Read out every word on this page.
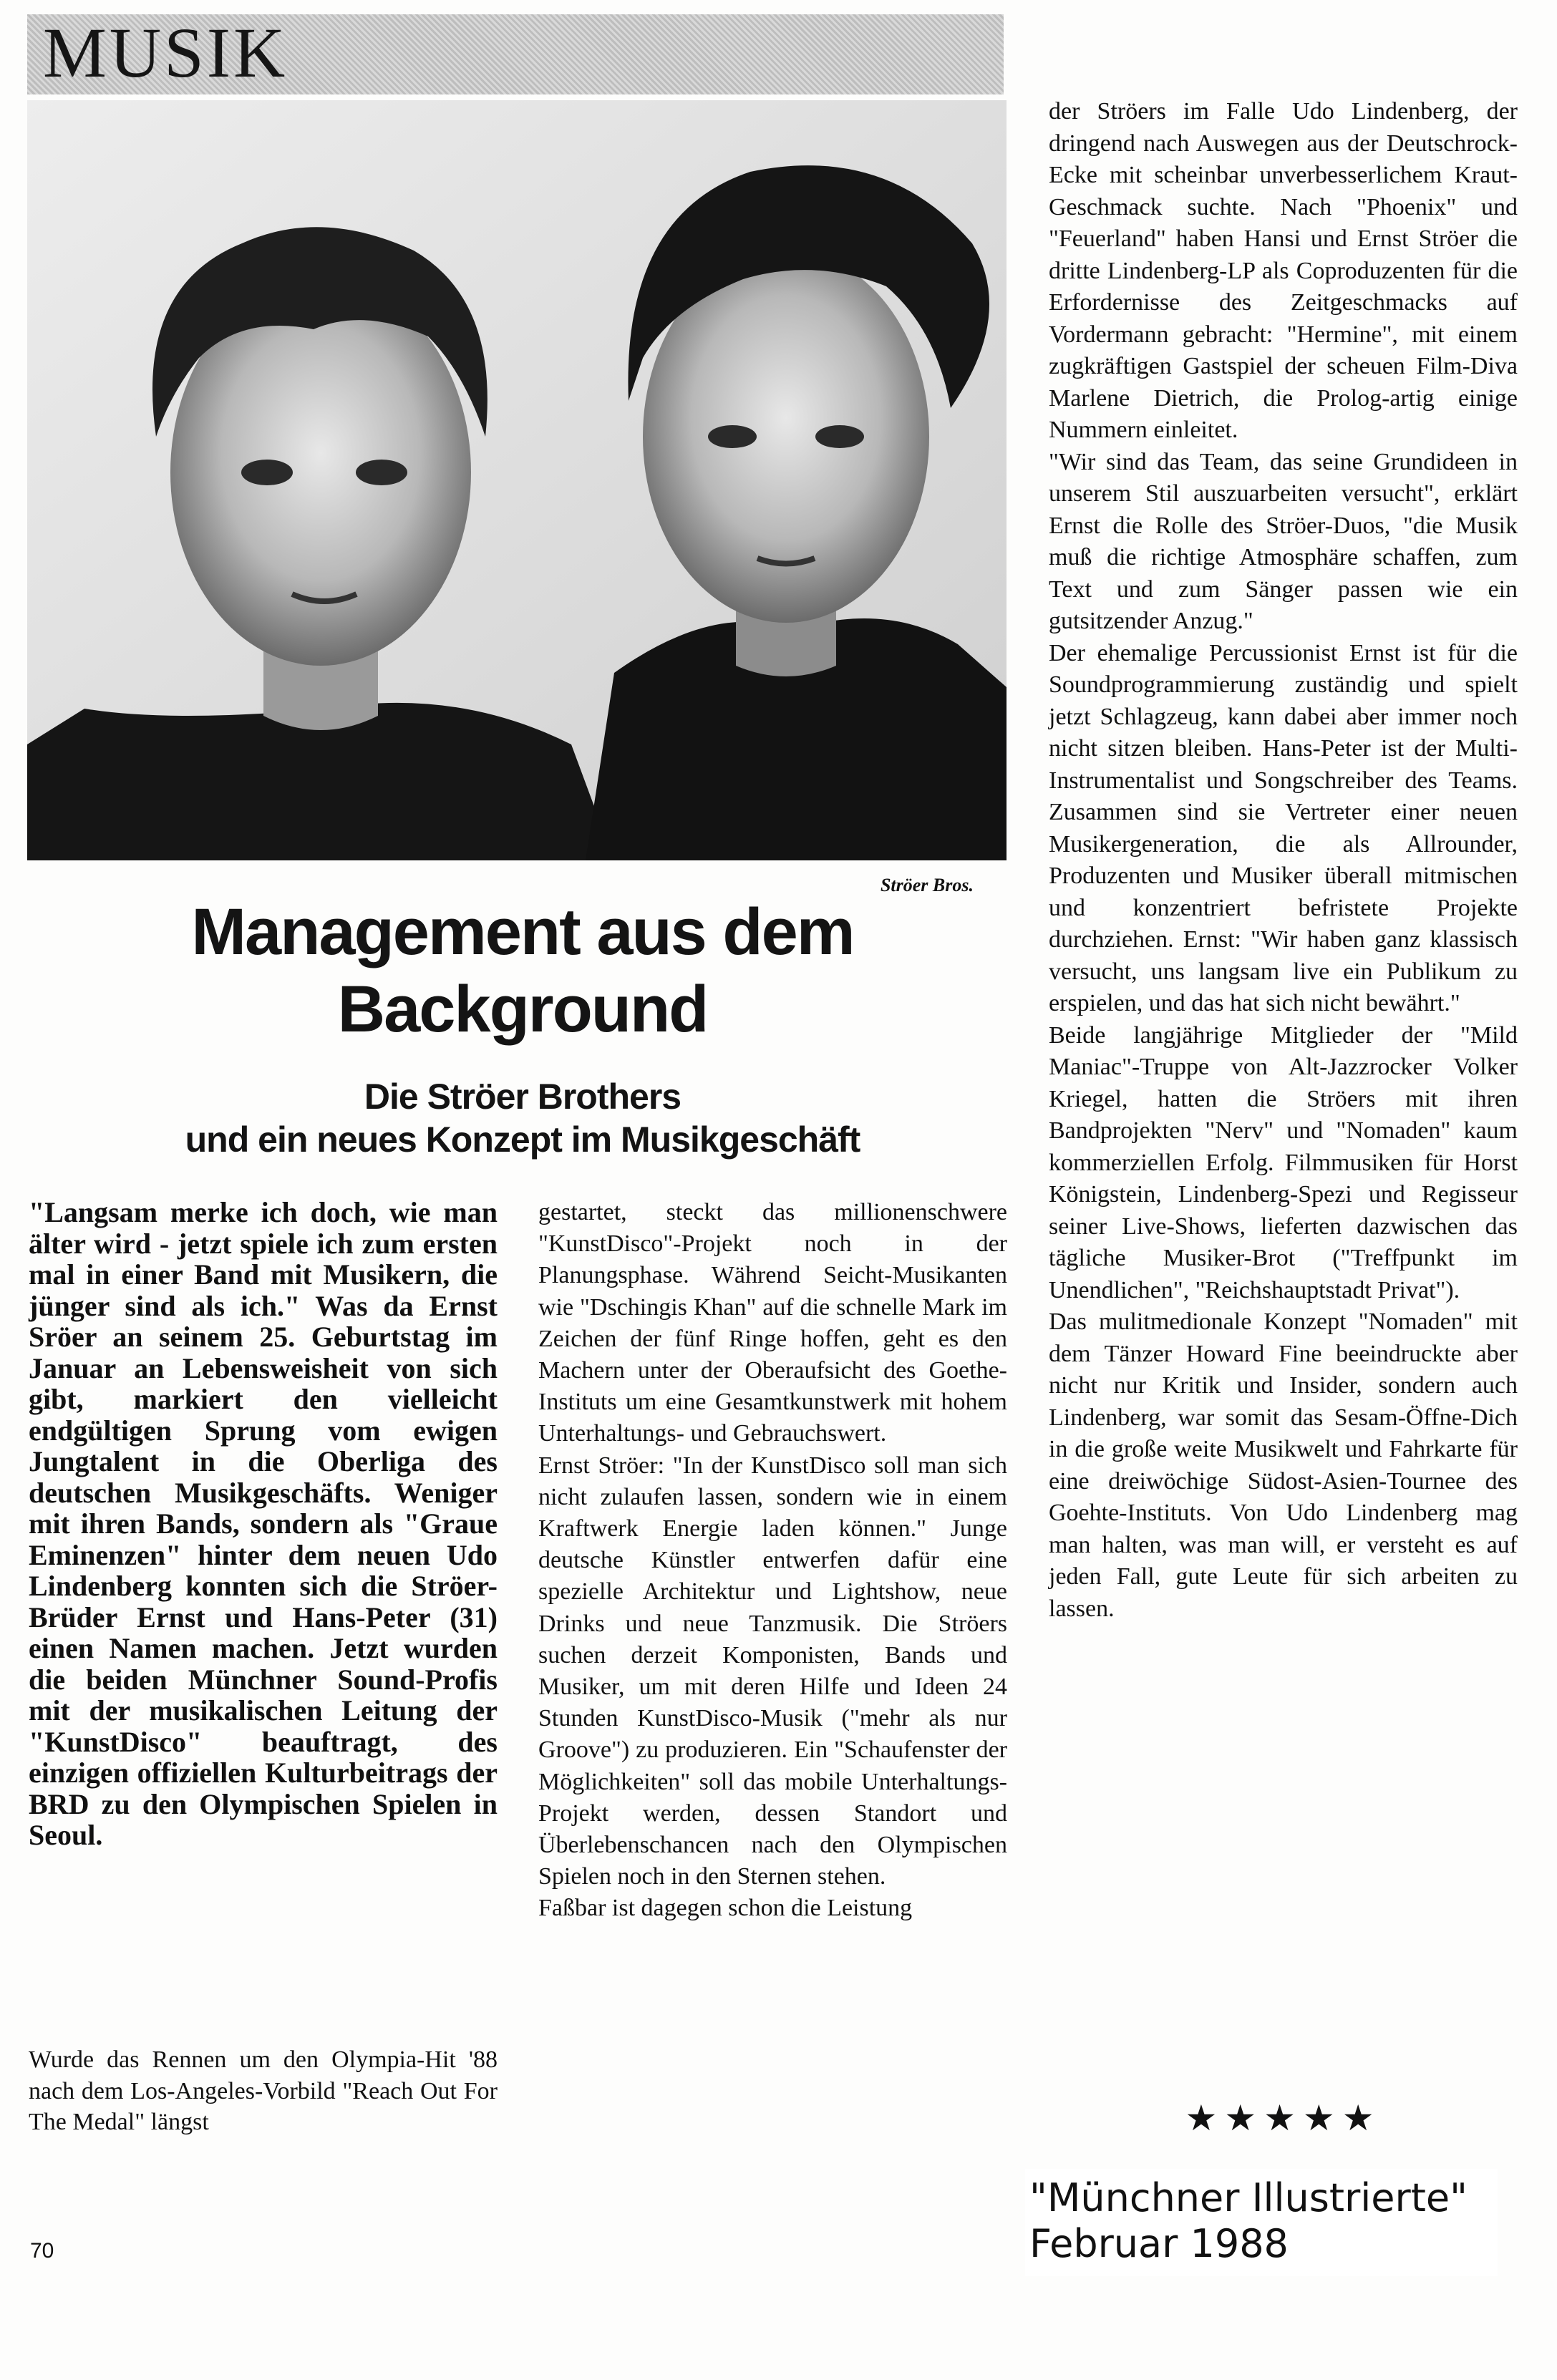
MUSIK
Ströer Bros.
Management aus dem
Background
Die Ströer Brothers
und ein neues Konzept im Musikgeschäft

"Langsam merke ich doch, wie man älter wird - jetzt spiele ich zum ersten mal in einer Band mit Musikern, die jünger sind als ich." Was da Ernst Sröer an seinem 25. Geburtstag im Januar an Lebensweisheit von sich gibt, markiert den vielleicht endgültigen Sprung vom ewigen Jungtalent in die Oberliga des deutschen Musikgeschäfts. Weniger mit ihren Bands, sondern als "Graue Eminenzen" hinter dem neuen Udo Lindenberg konnten sich die Ströer-Brüder Ernst und Hans-Peter (31) einen Namen machen. Jetzt wurden die beiden Münchner Sound-Profis mit der musikalischen Leitung der "KunstDisco" beauftragt, des einzigen offiziellen Kulturbeitrags der BRD zu den Olympischen Spielen in Seoul.

Wurde das Rennen um den Olympia-Hit '88 nach dem Los-Angeles-Vorbild "Reach Out For The Medal" längst

gestartet, steckt das millionenschwere "KunstDisco"-Projekt noch in der Planungsphase. Während Seicht-Musikanten wie "Dschingis Khan" auf die schnelle Mark im Zeichen der fünf Ringe hoffen, geht es den Machern unter der Oberaufsicht des Goethe-Instituts um eine Gesamtkunstwerk mit hohem Unterhaltungs- und Gebrauchswert.

Ernst Ströer: "In der KunstDisco soll man sich nicht zulaufen lassen, sondern wie in einem Kraftwerk Energie laden können." Junge deutsche Künstler entwerfen dafür eine spezielle Architektur und Lightshow, neue Drinks und neue Tanzmusik. Die Ströers suchen derzeit Komponisten, Bands und Musiker, um mit deren Hilfe und Ideen 24 Stunden KunstDisco-Musik ("mehr als nur Groove") zu produzieren. Ein "Schaufenster der Möglichkeiten" soll das mobile Unterhaltungs-Projekt werden, dessen Standort und Überlebenschancen nach den Olympischen Spielen noch in den Sternen stehen.

Faßbar ist dagegen schon die Leistung

der Ströers im Falle Udo Lindenberg, der dringend nach Auswegen aus der Deutschrock-Ecke mit scheinbar unverbesserlichem Kraut-Geschmack suchte. Nach "Phoenix" und "Feuerland" haben Hansi und Ernst Ströer die dritte Lindenberg-LP als Coproduzenten für die Erfordernisse des Zeitgeschmacks auf Vordermann gebracht: "Hermine", mit einem zugkräftigen Gastspiel der scheuen Film-Diva Marlene Dietrich, die Prolog-artig einige Nummern einleitet.

"Wir sind das Team, das seine Grundideen in unserem Stil auszuarbeiten versucht", erklärt Ernst die Rolle des Ströer-Duos, "die Musik muß die richtige Atmosphäre schaffen, zum Text und zum Sänger passen wie ein gutsitzender Anzug."

Der ehemalige Percussionist Ernst ist für die Soundprogrammierung zuständig und spielt jetzt Schlagzeug, kann dabei aber immer noch nicht sitzen bleiben. Hans-Peter ist der Multi-Instrumentalist und Songschreiber des Teams. Zusammen sind sie Vertreter einer neuen Musikergeneration, die als Allrounder, Produzenten und Musiker überall mitmischen und konzentriert befristete Projekte durchziehen. Ernst: "Wir haben ganz klassisch versucht, uns langsam live ein Publikum zu erspielen, und das hat sich nicht bewährt."

Beide langjährige Mitglieder der "Mild Maniac"-Truppe von Alt-Jazzrocker Volker Kriegel, hatten die Ströers mit ihren Bandprojekten "Nerv" und "Nomaden" kaum kommerziellen Erfolg. Filmmusiken für Horst Königstein, Lindenberg-Spezi und Regisseur seiner Live-Shows, lieferten dazwischen das tägliche Musiker-Brot ("Treffpunkt im Unendlichen", "Reichshauptstadt Privat").

Das mulitmedionale Konzept "Nomaden" mit dem Tänzer Howard Fine beeindruckte aber nicht nur Kritik und Insider, sondern auch Lindenberg, war somit das Sesam-Öffne-Dich in die große weite Musikwelt und Fahrkarte für eine dreiwöchige Südost-Asien-Tournee des Goehte-Instituts. Von Udo Lindenberg mag man halten, was man will, er versteht es auf jeden Fall, gute Leute für sich arbeiten zu lassen.

★★★★★
70
"Münchner Illustrierte"
Februar 1988
